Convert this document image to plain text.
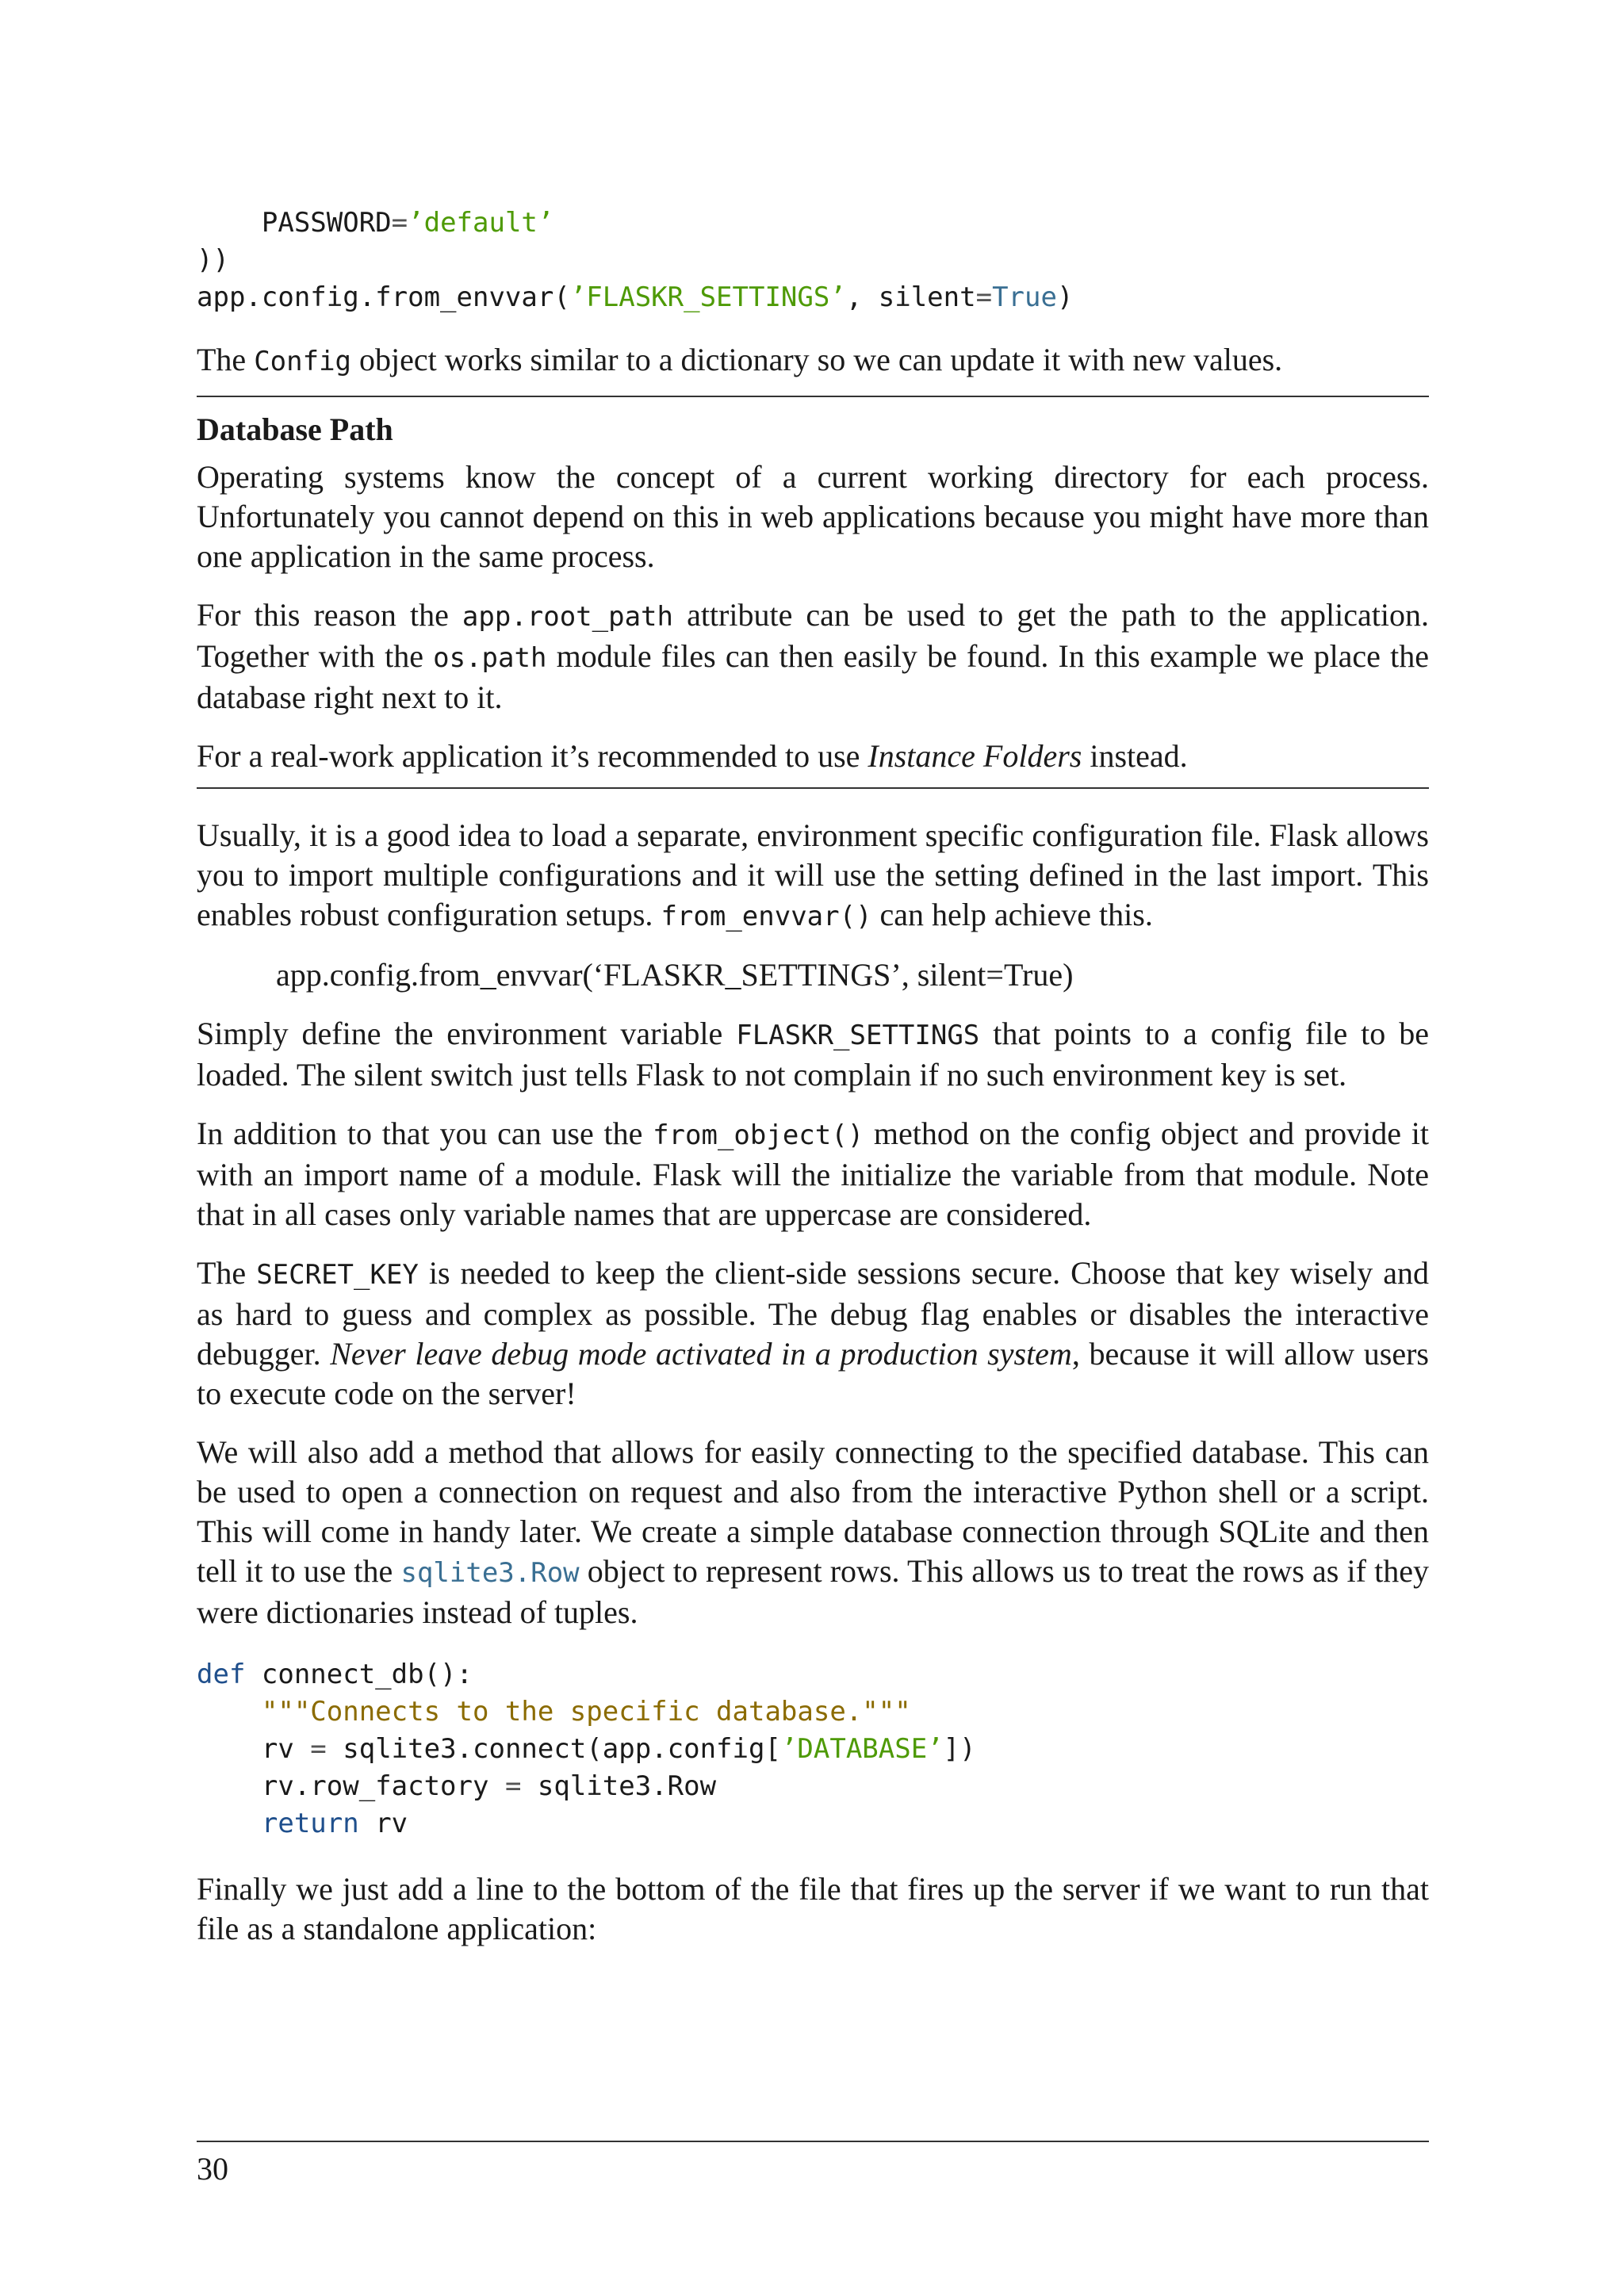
PASSWORD=’default’
))
app.config.from_envvar(’FLASKR_SETTINGS’, silent=True)

The Config object works similar to a dictionary so we can update it with new values.

Database Path

Operating systems know the concept of a current working directory for each process. Unfortunately you cannot depend on this in web applications because you might have more than one application in the same process.

For this reason the app.root_path attribute can be used to get the path to the application. Together with the os.path module files can then easily be found. In this example we place the database right next to it.

For a real-work application it’s recommended to use Instance Folders instead.

Usually, it is a good idea to load a separate, environment specific configuration file. Flask allows you to import multiple configurations and it will use the setting defined in the last import. This enables robust configuration setups. from_envvar() can help achieve this.

app.config.from_envvar(‘FLASKR_SETTINGS’, silent=True)

Simply define the environment variable FLASKR_SETTINGS that points to a config file to be loaded. The silent switch just tells Flask to not complain if no such environment key is set.

In addition to that you can use the from_object() method on the config object and provide it with an import name of a module. Flask will the initialize the variable from that module. Note that in all cases only variable names that are uppercase are considered.

The SECRET_KEY is needed to keep the client-side sessions secure. Choose that key wisely and as hard to guess and complex as possible. The debug flag enables or disables the interactive debugger. Never leave debug mode activated in a production system, because it will allow users to execute code on the server!

We will also add a method that allows for easily connecting to the specified database. This can be used to open a connection on request and also from the interactive Python shell or a script. This will come in handy later. We create a simple database connection through SQLite and then tell it to use the sqlite3.Row object to represent rows. This allows us to treat the rows as if they were dictionaries instead of tuples.

def connect_db():
"""Connects to the specific database."""
rv = sqlite3.connect(app.config[’DATABASE’])
rv.row_factory = sqlite3.Row
return rv

Finally we just add a line to the bottom of the file that fires up the server if we want to run that file as a standalone application:

30
